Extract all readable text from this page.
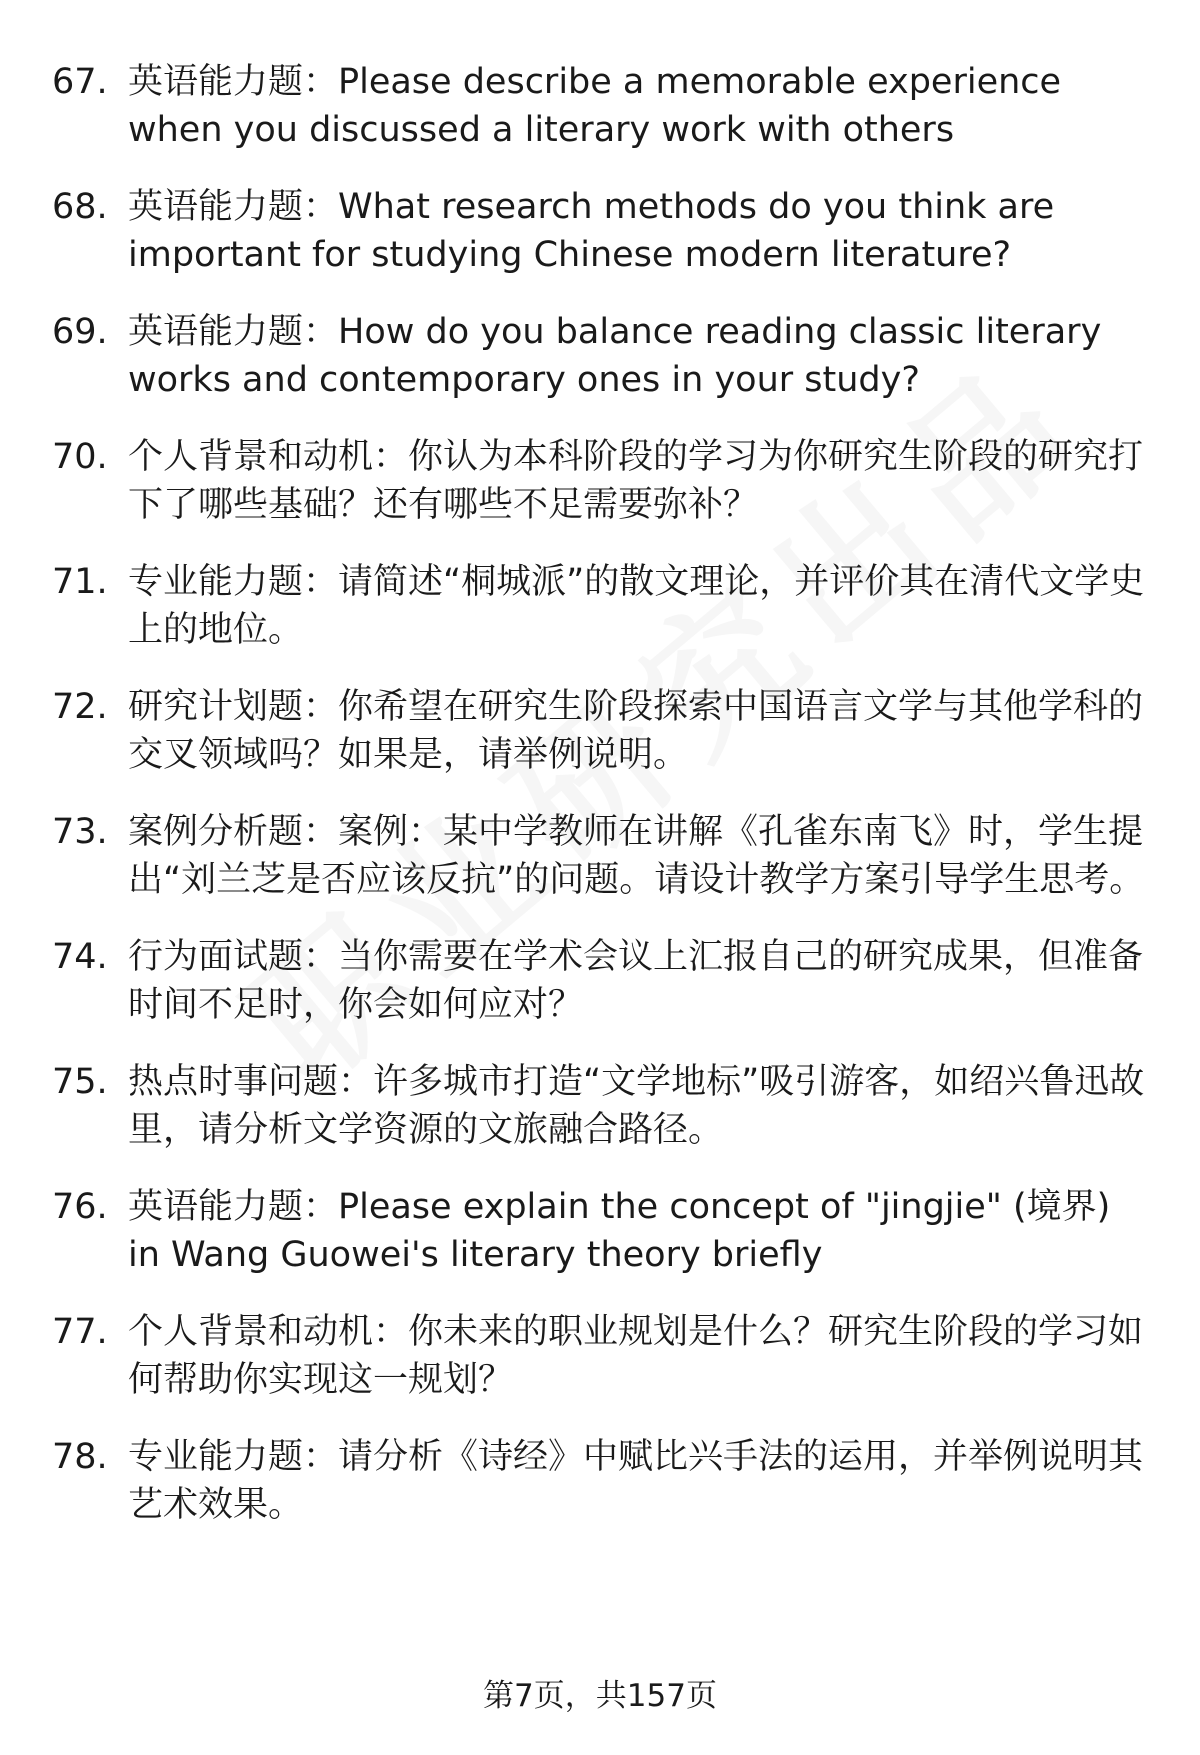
67. 英语能力题：Please describe a memorable experience when you discussed a literary work with others
68. 英语能力题：What research methods do you think are important for studying Chinese modern literature?
69. 英语能力题：How do you balance reading classic literary works and contemporary ones in your study?
70. 个人背景和动机：你认为本科阶段的学习为你研究生阶段的研究打下了哪些基础？还有哪些不足需要弥补？
71. 专业能力题：请简述“桐城派”的散文理论，并评价其在清代文学史上的地位。
72. 研究计划题：你希望在研究生阶段探索中国语言文学与其他学科的交叉领域吗？如果是，请举例说明。
73. 案例分析题：案例：某中学教师在讲解《孔雀东南飞》时，学生提出“刘兰芝是否应该反抗”的问题。请设计教学方案引导学生思考。
74. 行为面试题：当你需要在学术会议上汇报自己的研究成果，但准备时间不足时，你会如何应对？
75. 热点时事问题：许多城市打造“文学地标”吸引游客，如绍兴鲁迅故里，请分析文学资源的文旅融合路径。
76. 英语能力题：Please explain the concept of "jingjie" (境界) in Wang Guowei's literary theory briefly
77. 个人背景和动机：你未来的职业规划是什么？研究生阶段的学习如何帮助你实现这一规划？
78. 专业能力题：请分析《诗经》中赋比兴手法的运用，并举例说明其艺术效果。
第7页，共157页
